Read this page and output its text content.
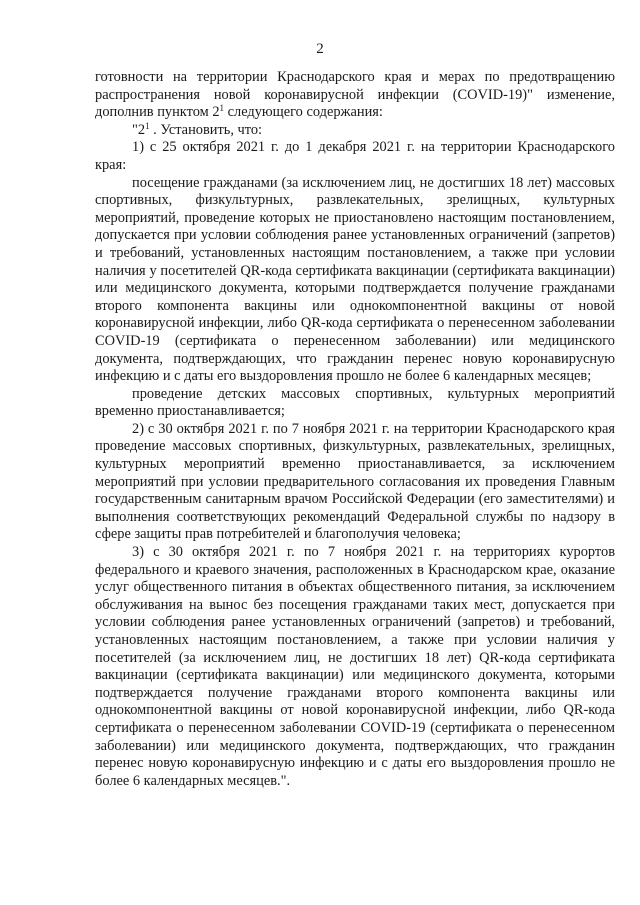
2

готовности на территории Краснодарского края и мерах по предотвращению распространения новой коронавирусной инфекции (COVID-19)" изменение, дополнив пунктом $2^1$ следующего содержания:

"$2^1$ . Установить, что:

1) с 25 октября 2021 г. до 1 декабря 2021 г. на территории Краснодарского края:

посещение гражданами (за исключением лиц, не достигших 18 лет) массовых спортивных, физкультурных, развлекательных, зрелищных, культурных мероприятий, проведение которых не приостановлено настоящим постановлением, допускается при условии соблюдения ранее установленных ограничений (запретов) и требований, установленных настоящим постановлением, а также при условии наличия у посетителей QR-кода сертификата вакцинации (сертификата вакцинации) или медицинского документа, которыми подтверждается получение гражданами второго компонента вакцины или однокомпонентной вакцины от новой коронавирусной инфекции, либо QR-кода сертификата о перенесенном заболевании COVID-19 (сертификата о перенесенном заболевании) или медицинского документа, подтверждающих, что гражданин перенес новую коронавирусную инфекцию и с даты его выздоровления прошло не более 6 календарных месяцев;

проведение детских массовых спортивных, культурных мероприятий временно приостанавливается;

2) с 30 октября 2021 г. по 7 ноября 2021 г. на территории Краснодарского края проведение массовых спортивных, физкультурных, развлекательных, зрелищных, культурных мероприятий временно приостанавливается, за исключением мероприятий при условии предварительного согласования их проведения Главным государственным санитарным врачом Российской Федерации (его заместителями) и выполнения соответствующих рекомендаций Федеральной службы по надзору в сфере защиты прав потребителей и благополучия человека;

3) с 30 октября 2021 г. по 7 ноября 2021 г. на территориях курортов федерального и краевого значения, расположенных в Краснодарском крае, оказание услуг общественного питания в объектах общественного питания, за исключением обслуживания на вынос без посещения гражданами таких мест, допускается при условии соблюдения ранее установленных ограничений (запретов) и требований, установленных настоящим постановлением, а также при условии наличия у посетителей (за исключением лиц, не достигших 18 лет) QR-кода сертификата вакцинации (сертификата вакцинации) или медицинского документа, которыми подтверждается получение гражданами второго компонента вакцины или однокомпонентной вакцины от новой коронавирусной инфекции, либо QR-кода сертификата о перенесенном заболевании COVID-19 (сертификата о перенесенном заболевании) или медицинского документа, подтверждающих, что гражданин перенес новую коронавирусную инфекцию и с даты его выздоровления прошло не более 6 календарных месяцев.".
